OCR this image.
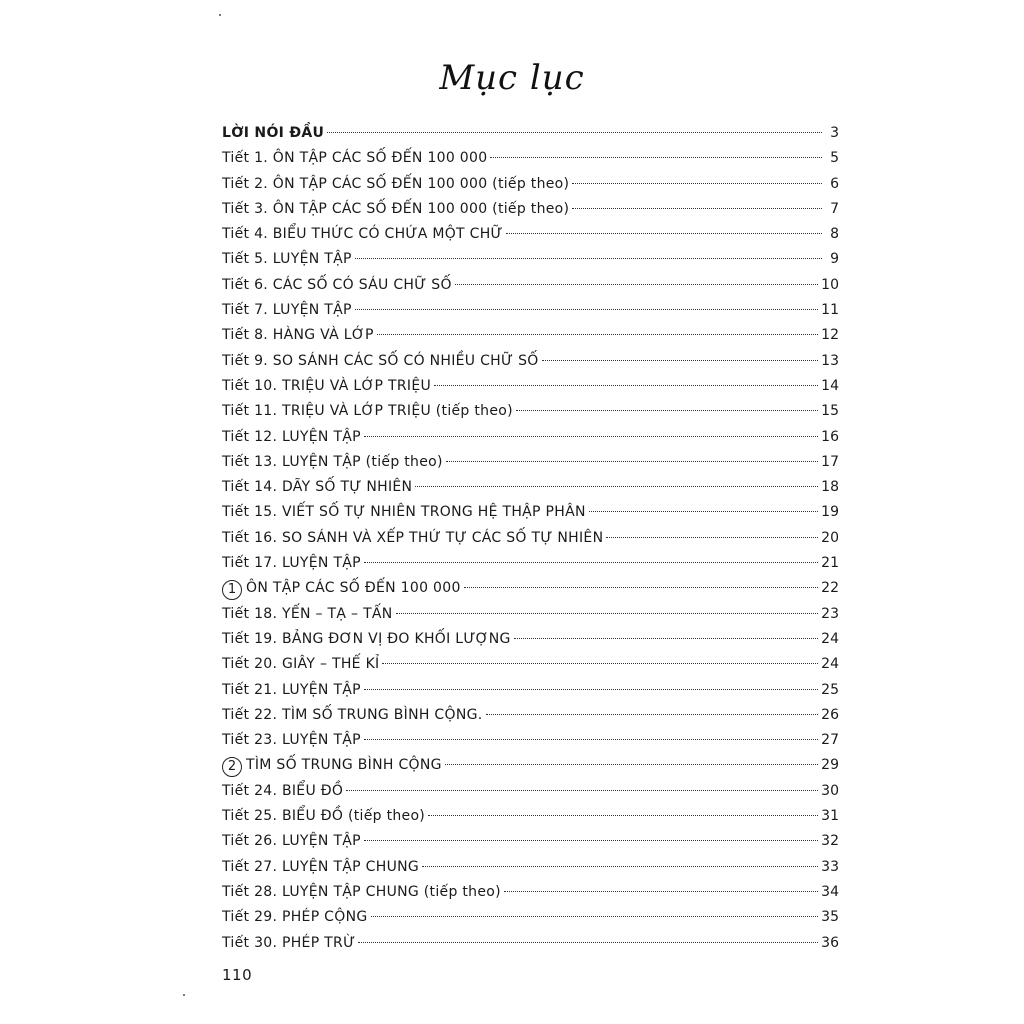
Mục lục
LỜI NÓI ĐẦU	3
Tiết 1. ÔN TẬP CÁC SỐ ĐẾN 100 000	5
Tiết 2. ÔN TẬP CÁC SỐ ĐẾN 100 000 (tiếp theo)	6
Tiết 3. ÔN TẬP CÁC SỐ ĐẾN 100 000 (tiếp theo)	7
Tiết 4. BIỂU THỨC CÓ CHỨA MỘT CHỮ	8
Tiết 5. LUYỆN TẬP	9
Tiết 6. CÁC SỐ CÓ SÁU CHỮ SỐ	10
Tiết 7. LUYỆN TẬP	11
Tiết 8. HÀNG VÀ LỚP	12
Tiết 9. SO SÁNH CÁC SỐ CÓ NHIỀU CHỮ SỐ	13
Tiết 10. TRIỆU VÀ LỚP TRIỆU	14
Tiết 11. TRIỆU VÀ LỚP TRIỆU (tiếp theo)	15
Tiết 12. LUYỆN TẬP	16
Tiết 13. LUYỆN TẬP (tiếp theo)	17
Tiết 14. DÃY SỐ TỰ NHIÊN	18
Tiết 15. VIẾT SỐ TỰ NHIÊN TRONG HỆ THẬP PHÂN	19
Tiết 16. SO SÁNH VÀ XẾP THỨ TỰ CÁC SỐ TỰ NHIÊN	20
Tiết 17. LUYỆN TẬP	21
1 ÔN TẬP CÁC SỐ ĐẾN 100 000	22
Tiết 18. YẾN – TẠ – TẤN	23
Tiết 19. BẢNG ĐƠN VỊ ĐO KHỐI LƯỢNG	24
Tiết 20. GIÂY – THẾ KỈ	24
Tiết 21. LUYỆN TẬP	25
Tiết 22. TÌM SỐ TRUNG BÌNH CỘNG.	26
Tiết 23. LUYỆN TẬP	27
2 TÌM SỐ TRUNG BÌNH CỘNG	29
Tiết 24. BIỂU ĐỒ	30
Tiết 25. BIỂU ĐỒ (tiếp theo)	31
Tiết 26. LUYỆN TẬP	32
Tiết 27. LUYỆN TẬP CHUNG	33
Tiết 28. LUYỆN TẬP CHUNG (tiếp theo)	34
Tiết 29. PHÉP CỘNG	35
Tiết 30. PHÉP TRỪ	36
110
